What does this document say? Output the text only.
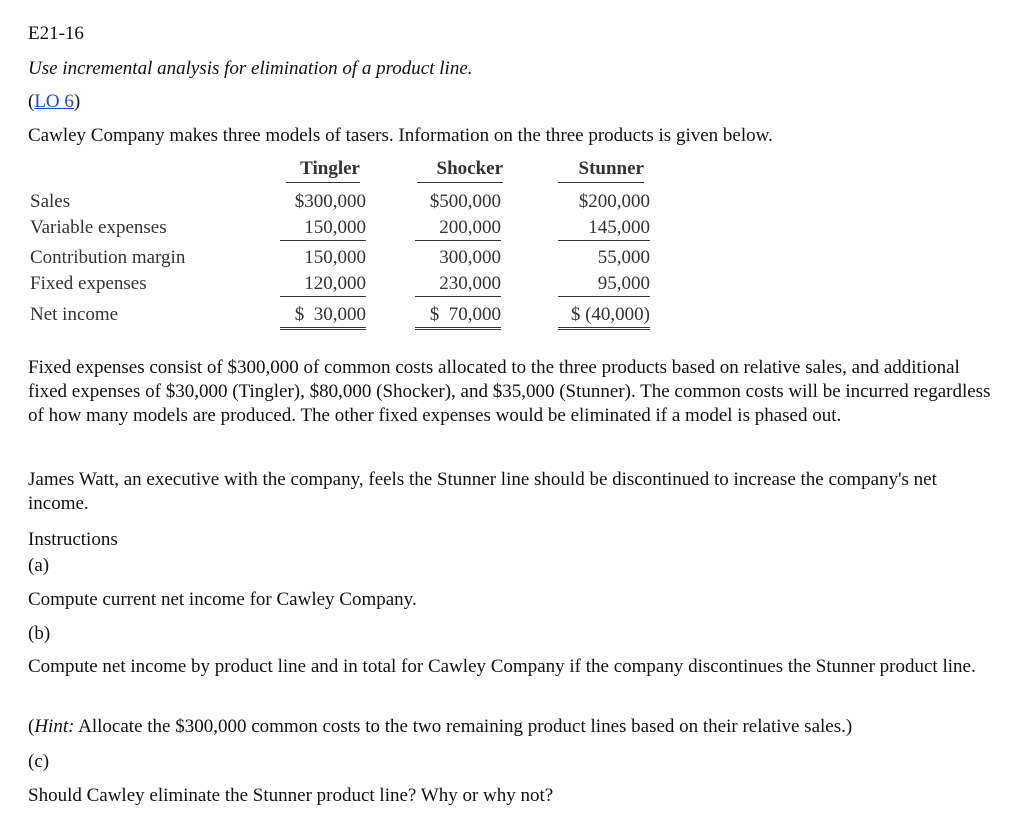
E21-16
Use incremental analysis for elimination of a product line.
(LO 6)
Cawley Company makes three models of tasers. Information on the three products is given below.
Tingler	Shocker	Stunner
Sales	$300,000	$500,000	$200,000
Variable expenses	150,000	200,000	145,000
Contribution margin	150,000	300,000	55,000
Fixed expenses	120,000	230,000	95,000
Net income	$  30,000	$  70,000	$ (40,000)

Fixed expenses consist of $300,000 of common costs allocated to the three products based on relative sales, and additional fixed expenses of $30,000 (Tingler), $80,000 (Shocker), and $35,000 (Stunner). The common costs will be incurred regardless of how many models are produced. The other fixed expenses would be eliminated if a model is phased out.

James Watt, an executive with the company, feels the Stunner line should be discontinued to increase the company's net income.

Instructions
(a)
Compute current net income for Cawley Company.
(b)
Compute net income by product line and in total for Cawley Company if the company discontinues the Stunner product line.
(Hint: Allocate the $300,000 common costs to the two remaining product lines based on their relative sales.)
(c)
Should Cawley eliminate the Stunner product line? Why or why not?
